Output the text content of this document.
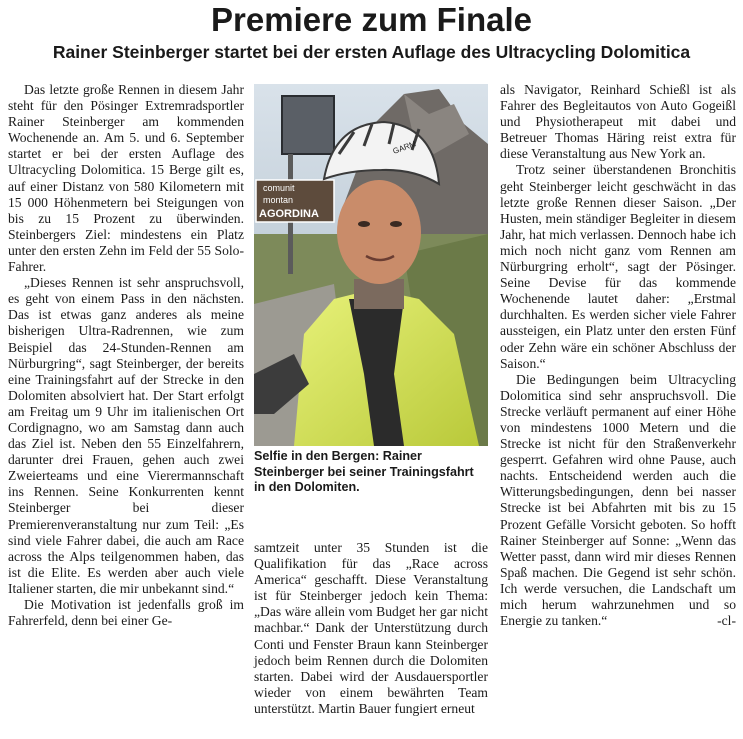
Premiere zum Finale
Rainer Steinberger startet bei der ersten Auflage des Ultracycling Dolomitica

Das letzte große Rennen in diesem Jahr steht für den Pösinger Extremradsportler Rainer Steinberger am kommenden Wochenende an. Am 5. und 6. September startet er bei der ersten Auflage des Ultracycling Dolomitica. 15 Berge gilt es, auf einer Distanz von 580 Kilometern mit 15 000 Höhenmetern bei Steigungen von bis zu 15 Prozent zu überwinden. Steinbergers Ziel: mindestens ein Platz unter den ersten Zehn im Feld der 55 Solo-Fahrer.

„Dieses Rennen ist sehr anspruchsvoll, es geht von einem Pass in den nächsten. Das ist etwas ganz anderes als meine bisherigen Ultra-Radrennen, wie zum Beispiel das 24-Stunden-Rennen am Nürburgring“, sagt Steinberger, der bereits eine Trainingsfahrt auf der Strecke in den Dolomiten absolviert hat. Der Start erfolgt am Freitag um 9 Uhr im italienischen Ort Cordignagno, wo am Samstag dann auch das Ziel ist. Neben den 55 Einzelfahrern, darunter drei Frauen, gehen auch zwei Zweierteams und eine Vierermannschaft ins Rennen. Seine Konkurrenten kennt Steinberger bei dieser Premierenveranstaltung nur zum Teil: „Es sind viele Fahrer dabei, die auch am Race across the Alps teilgenommen haben, das ist die Elite. Es werden aber auch viele Italiener starten, die mir unbekannt sind.“

Die Motivation ist jedenfalls groß im Fahrerfeld, denn bei einer Ge-

comunit
montan
AGORDINA
GARM

Selfie in den Bergen: Rainer Steinberger bei seiner Trainingsfahrt in den Dolomiten.

samtzeit unter 35 Stunden ist die Qualifikation für das „Race across America“ geschafft. Diese Veranstaltung ist für Steinberger jedoch kein Thema: „Das wäre allein vom Budget her gar nicht machbar.“ Dank der Unterstützung durch Conti und Fenster Braun kann Steinberger jedoch beim Rennen durch die Dolomiten starten. Dabei wird der Ausdauersportler wieder von einem bewährten Team unterstützt. Martin Bauer fungiert erneut

als Navigator, Reinhard Schießl ist als Fahrer des Begleitautos von Auto Gogeißl und Physiotherapeut mit dabei und Betreuer Thomas Häring reist extra für diese Veranstaltung aus New York an.

Trotz seiner überstandenen Bronchitis geht Steinberger leicht geschwächt in das letzte große Rennen dieser Saison. „Der Husten, mein ständiger Begleiter in diesem Jahr, hat mich verlassen. Dennoch habe ich mich noch nicht ganz vom Rennen am Nürburgring erholt“, sagt der Pösinger. Seine Devise für das kommende Wochenende lautet daher: „Erstmal durchhalten. Es werden sicher viele Fahrer aussteigen, ein Platz unter den ersten Fünf oder Zehn wäre ein schöner Abschluss der Saison.“

Die Bedingungen beim Ultracycling Dolomitica sind sehr anspruchsvoll. Die Strecke verläuft permanent auf einer Höhe von mindestens 1000 Metern und die Strecke ist nicht für den Straßenverkehr gesperrt. Gefahren wird ohne Pause, auch nachts. Entscheidend werden auch die Witterungsbedingungen, denn bei nasser Strecke ist bei Abfahrten mit bis zu 15 Prozent Gefälle Vorsicht geboten. So hofft Rainer Steinberger auf Sonne: „Wenn das Wetter passt, dann wird mir dieses Rennen Spaß machen. Die Gegend ist sehr schön. Ich werde versuchen, die Landschaft um mich herum wahrzunehmen und so Energie zu tanken.“	-cl-
